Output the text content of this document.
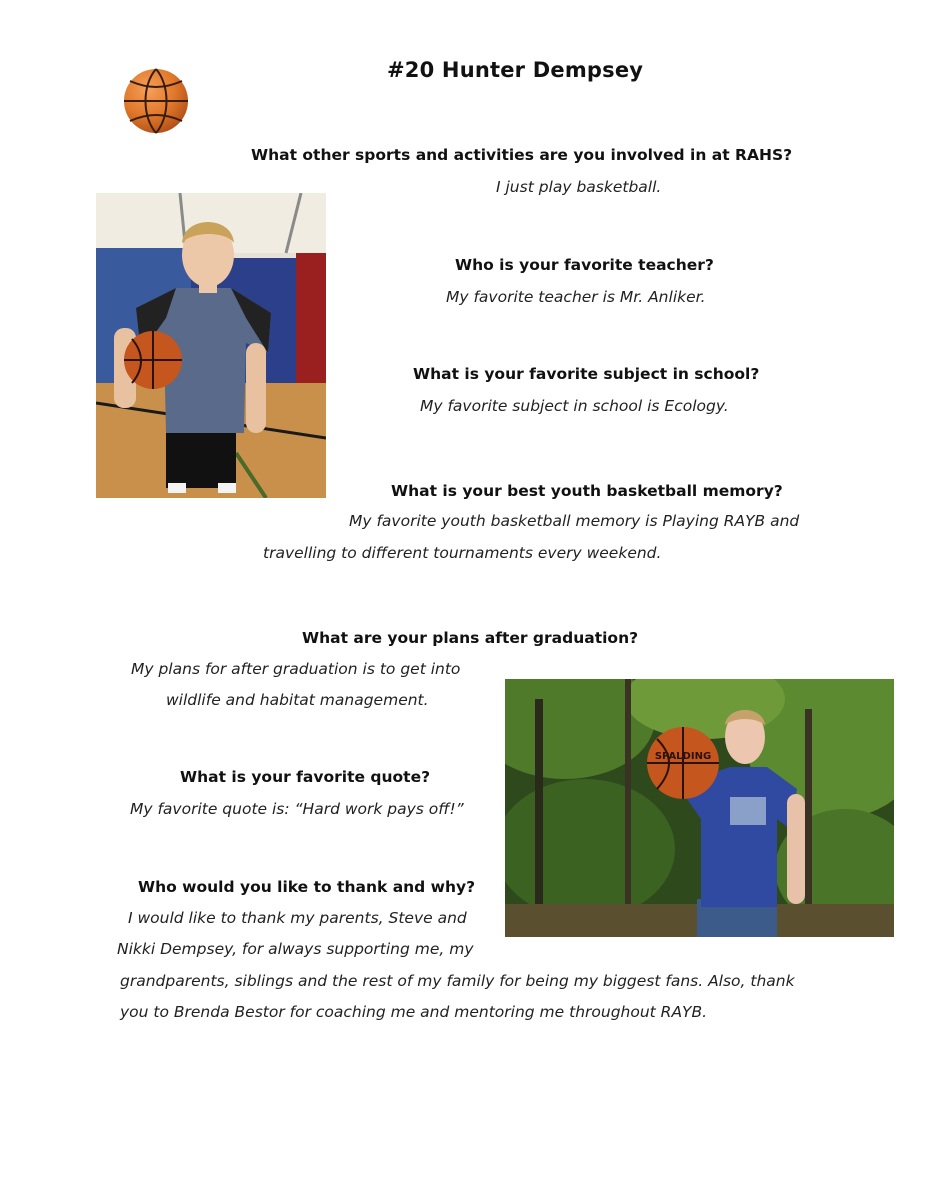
#20 Hunter Dempsey
What other sports and activities are you involved in at RAHS?
I just play basketball.
Who is your favorite teacher?
My favorite teacher is Mr. Anliker.
What is your favorite subject in school?
My favorite subject in school is Ecology.
What is your best youth basketball memory?
My favorite youth basketball memory is Playing RAYB and
travelling to different tournaments every weekend.
What are your plans after graduation?
My plans for after graduation is to get into
wildlife and habitat management.
SPALDING
What is your favorite quote?
My favorite quote is: “Hard work pays off!”
Who would you like to thank and why?
I would like to thank my parents, Steve and
Nikki Dempsey, for always supporting me, my
grandparents, siblings and the rest of my family for being my biggest fans. Also, thank
you to Brenda Bestor for coaching me and mentoring me throughout RAYB.
